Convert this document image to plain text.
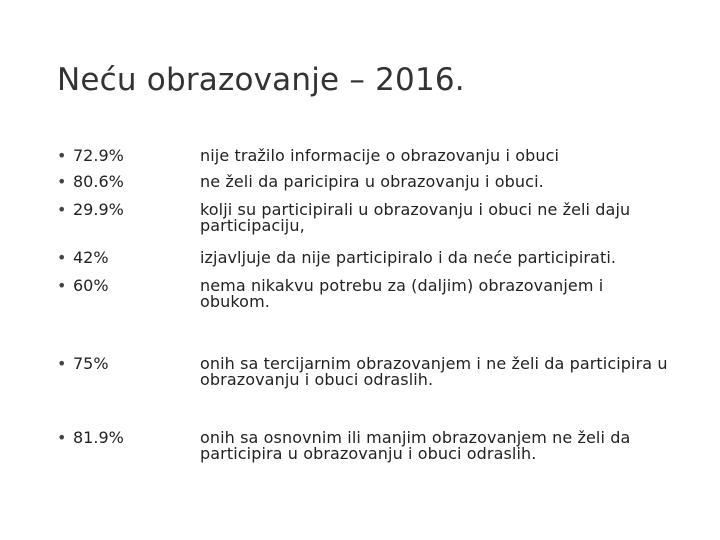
Neću obrazovanje – 2016.
• 72.9%
• 80.6%
• 29.9%
• 42%
• 60%
• 75%
• 81.9%
nije tražilo informacije o obrazovanju i obuci
ne želi da paricipira u obrazovanju i obuci.
kolji su participirali u obrazovanju i obuci ne želi daju participaciju,
izjavljuje da nije participiralo i da neće participirati.
nema nikakvu potrebu za (daljim) obrazovanjem i obukom.
onih sa tercijarnim obrazovanjem i ne želi da participira u obrazovanju i obuci odraslih.
onih sa osnovnim ili manjim obrazovanjem ne želi da participira u obrazovanju i obuci odraslih.
